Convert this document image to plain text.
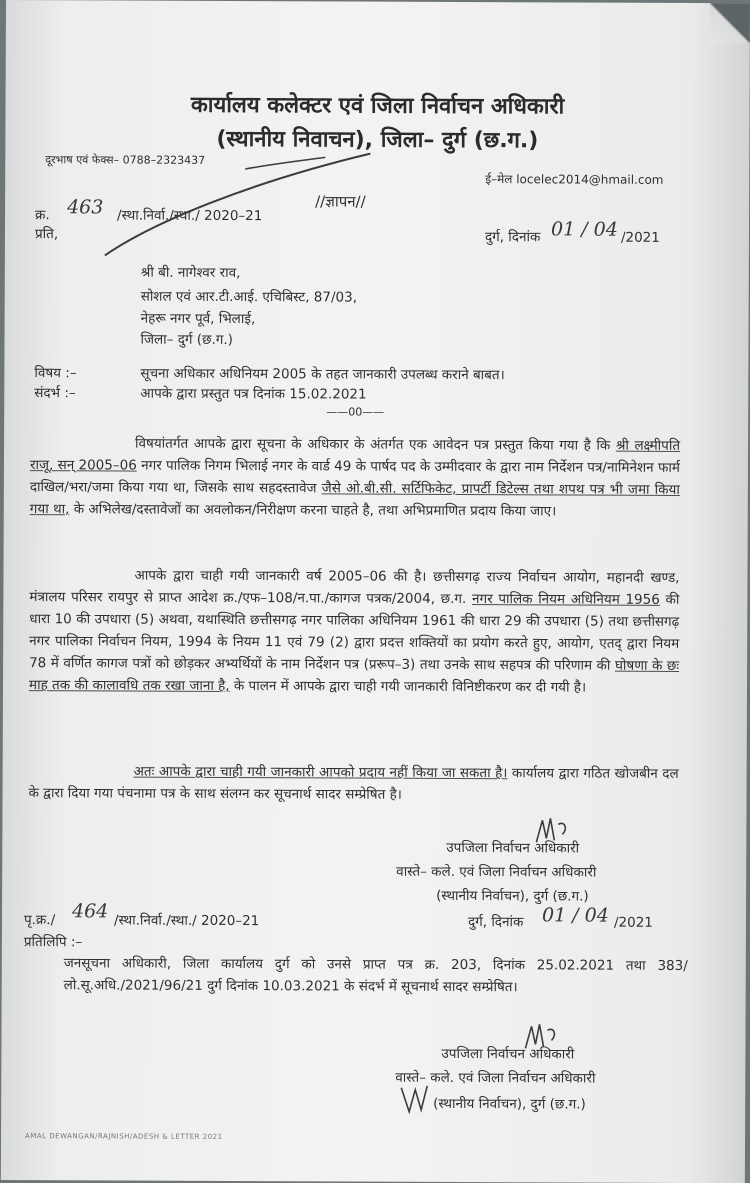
कार्यालय कलेक्टर एवं जिला निर्वाचन अधिकारी
(स्थानीय निवाचन), जिला– दुर्ग (छ.ग.)
दूरभाष एवं फेक्स– 0788–2323437
ई–मेल locelec2014@hmail.com
क्र. 463 /स्था.निर्वा./स्था./ 2020–21
//ज्ञापन//
प्रति,	दुर्ग, दिनांक 01 / 04 /2021
श्री बी. नागेश्वर राव,
सोशल एवं आर.टी.आई. एचिबिस्ट, 87/03,
नेहरू नगर पूर्व, भिलाई,
जिला– दुर्ग (छ.ग.)
विषय :–	सूचना अधिकार अधिनियम 2005 के तहत जानकारी उपलब्ध कराने बाबत।
संदर्भ :–	आपके द्वारा प्रस्तुत पत्र दिनांक 15.02.2021
——00——
विषयांतर्गत आपके द्वारा सूचना के अधिकार के अंतर्गत एक आवेदन पत्र प्रस्तुत किया गया है कि श्री लक्ष्मीपति राजू, सन् 2005–06 नगर पालिक निगम भिलाई नगर के वार्ड 49 के पार्षद पद के उम्मीदवार के द्वारा नाम निर्देशन पत्र/नामिनेशन फार्म दाखिल/भरा/जमा किया गया था, जिसके साथ सहदस्तावेज जैसे ओ.बी.सी. सर्टिफिकेट, प्रापर्टी डिटेल्स तथा शपथ पत्र भी जमा किया गया था, के अभिलेख/दस्तावेजों का अवलोकन/निरीक्षण करना चाहते है, तथा अभिप्रमाणित प्रदाय किया जाए।
आपके द्वारा चाही गयी जानकारी वर्ष 2005–06 की है। छत्तीसगढ़ राज्य निर्वाचन आयोग, महानदी खण्ड, मंत्रालय परिसर रायपुर से प्राप्त आदेश क्र./एफ–108/न.पा./कागज पत्रक/2004, छ.ग. नगर पालिक नियम अधिनियम 1956 की धारा 10 की उपधारा (5) अथवा, यथास्थिति छत्तीसगढ़ नगर पालिका अधिनियम 1961 की धारा 29 की उपधारा (5) तथा छत्तीसगढ़ नगर पालिका निर्वाचन नियम, 1994 के नियम 11 एवं 79 (2) द्वारा प्रदत्त शक्तियों का प्रयोग करते हुए, आयोग, एतद् द्वारा नियम 78 में वर्णित कागज पत्रों को छोड़कर अभ्यर्थियों के नाम निर्देशन पत्र (प्ररूप–3) तथा उनके साथ सहपत्र की परिणाम की घोषणा के छः माह तक की कालावधि तक रखा जाना है, के पालन में आपके द्वारा चाही गयी जानकारी विनिष्टीकरण कर दी गयी है।
अतः आपके द्वारा चाही गयी जानकारी आपको प्रदाय नहीं किया जा सकता है। कार्यालय द्वारा गठित खोजबीन दल के द्वारा दिया गया पंचनामा पत्र के साथ संलग्न कर सूचनार्थ सादर सम्प्रेषित है।
उपजिला निर्वाचन अधिकारी
वास्ते– कले. एवं जिला निर्वाचन अधिकारी
(स्थानीय निर्वाचन), दुर्ग (छ.ग.)
दुर्ग, दिनांक 01 / 04 /2021
पृ.क्र./ 464 /स्था.निर्वा./स्था./ 2020–21
प्रतिलिपि :–
जनसूचना अधिकारी, जिला कार्यालय दुर्ग को उनसे प्राप्त पत्र क्र. 203, दिनांक 25.02.2021 तथा 383/लो.सू.अधि./2021/96/21 दुर्ग दिनांक 10.03.2021 के संदर्भ में सूचनार्थ सादर सम्प्रेषित।
उपजिला निर्वाचन अधिकारी
वास्ते– कले. एवं जिला निर्वाचन अधिकारी
(स्थानीय निर्वाचन), दुर्ग (छ.ग.)
AMAL DEWANGAN/RAJNISH/ADESH & LETTER 2021
